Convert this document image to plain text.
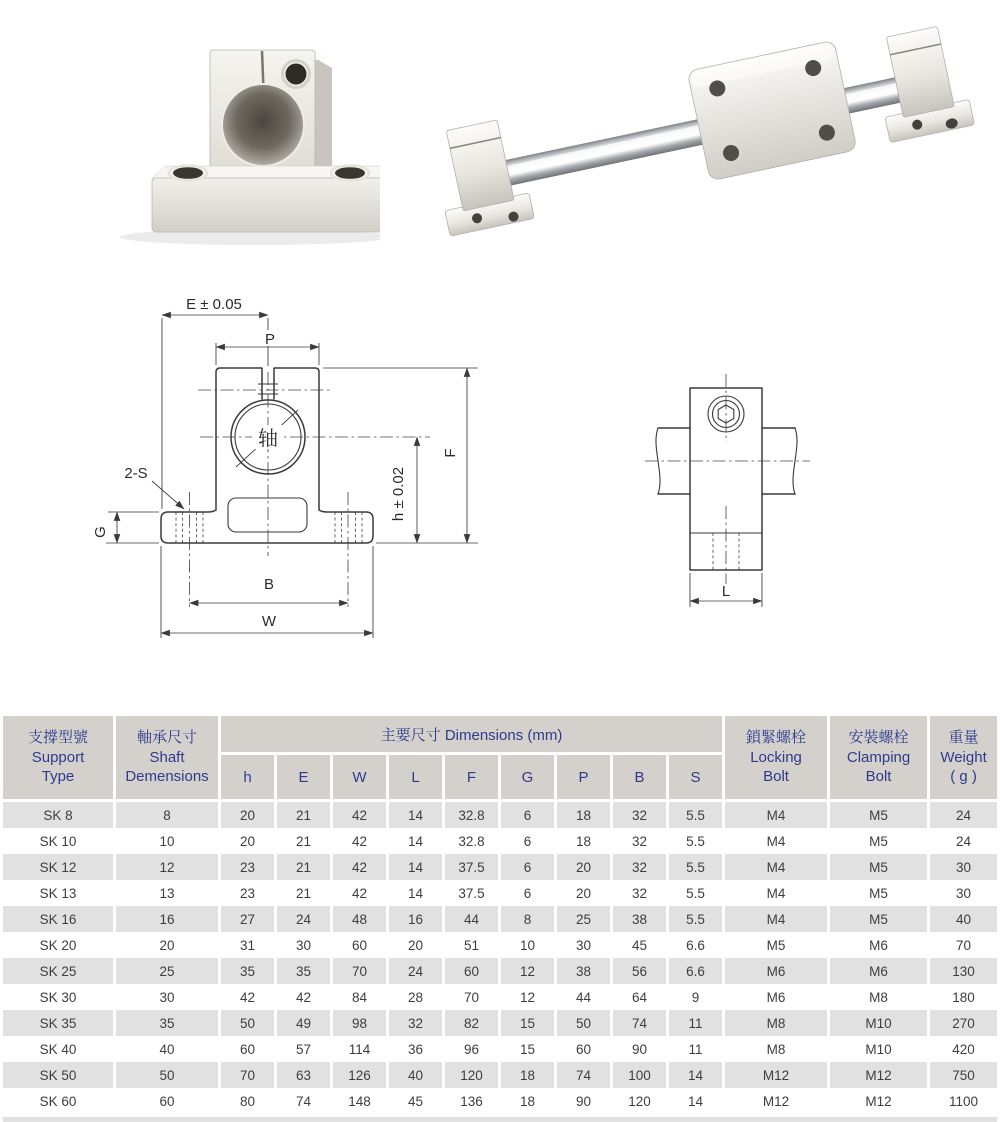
E ± 0.05
P
轴
2-S
G
h ± 0.02
F
B
W
L
支撐型號
Support
Type	軸承尺寸
Shaft
Demensions	主要尺寸 Dimensions (mm)									鎖緊螺栓
Locking
Bolt	安裝螺栓
Clamping
Bolt	重量
Weight
( g )

		h	E	W	L	F	G	P	B	S			
SK 8	8	20	21	42	14	32.8	6	18	32	5.5	M4	M5	24
SK 10	10	20	21	42	14	32.8	6	18	32	5.5	M4	M5	24
SK 12	12	23	21	42	14	37.5	6	20	32	5.5	M4	M5	30
SK 13	13	23	21	42	14	37.5	6	20	32	5.5	M4	M5	30
SK 16	16	27	24	48	16	44	8	25	38	5.5	M4	M5	40
SK 20	20	31	30	60	20	51	10	30	45	6.6	M5	M6	70
SK 25	25	35	35	70	24	60	12	38	56	6.6	M6	M6	130
SK 30	30	42	42	84	28	70	12	44	64	9	M6	M8	180
SK 35	35	50	49	98	32	82	15	50	74	11	M8	M10	270
SK 40	40	60	57	114	36	96	15	60	90	11	M8	M10	420
SK 50	50	70	63	126	40	120	18	74	100	14	M12	M12	750
SK 60	60	80	74	148	45	136	18	90	120	14	M12	M12	1100
